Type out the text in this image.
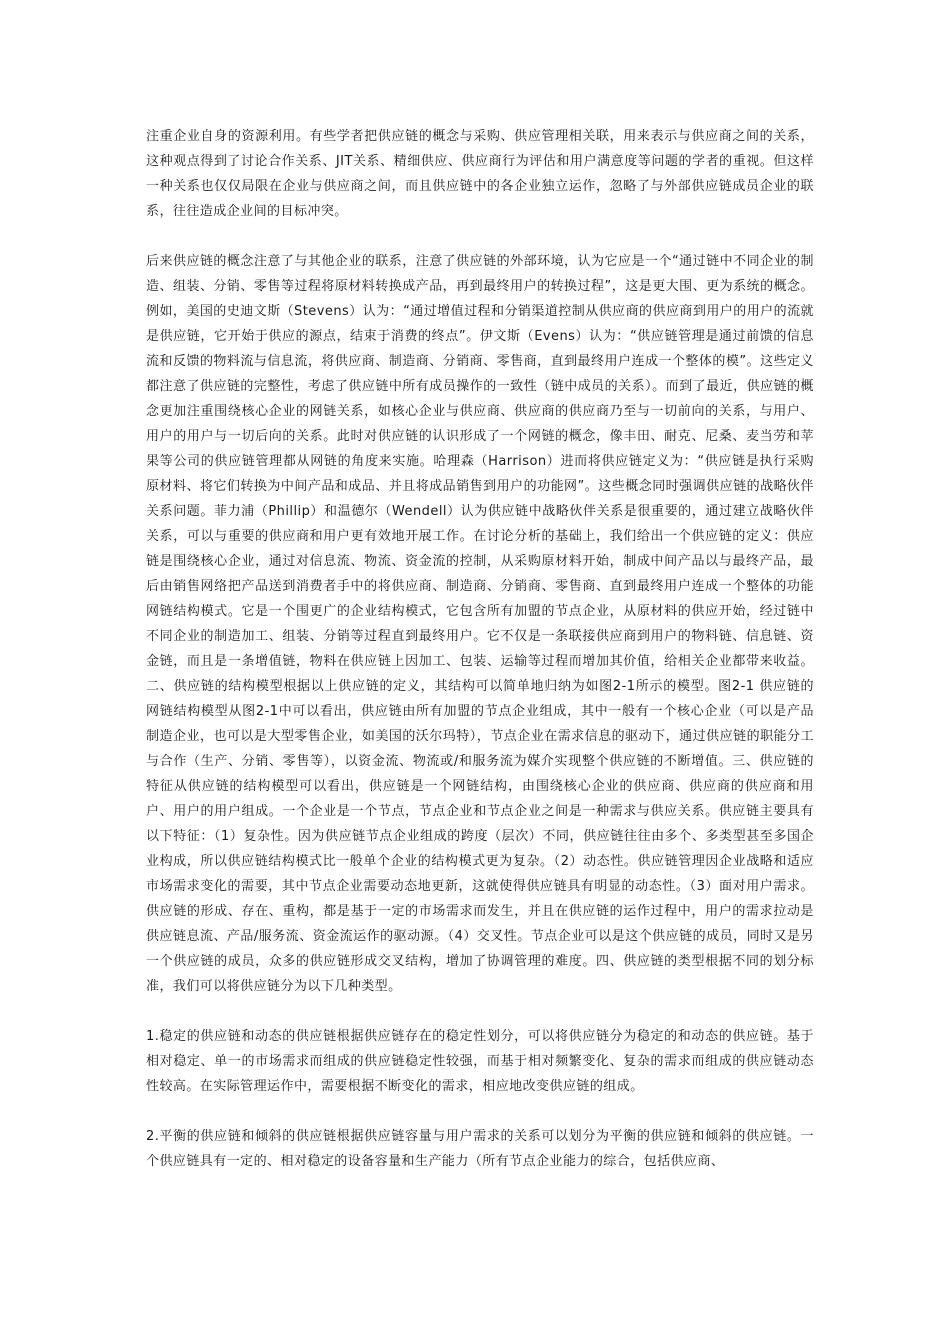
注重企业自身的资源利用。有些学者把供应链的概念与采购、供应管理相关联，用来表示与供应商之间的关系，这种观点得到了讨论合作关系、JIT关系、精细供应、供应商行为评估和用户满意度等问题的学者的重视。但这样一种关系也仅仅局限在企业与供应商之间，而且供应链中的各企业独立运作，忽略了与外部供应链成员企业的联系，往往造成企业间的目标冲突。

后来供应链的概念注意了与其他企业的联系，注意了供应链的外部环境，认为它应是一个“通过链中不同企业的制造、组装、分销、零售等过程将原材料转换成产品，再到最终用户的转换过程”，这是更大围、更为系统的概念。例如，美国的史迪文斯（Stevens）认为：“通过增值过程和分销渠道控制从供应商的供应商到用户的用户的流就是供应链，它开始于供应的源点，结束于消费的终点”。伊文斯（Evens）认为：“供应链管理是通过前馈的信息流和反馈的物料流与信息流，将供应商、制造商、分销商、零售商，直到最终用户连成一个整体的模”。这些定义都注意了供应链的完整性，考虑了供应链中所有成员操作的一致性（链中成员的关系）。而到了最近，供应链的概念更加注重围绕核心企业的网链关系，如核心企业与供应商、供应商的供应商乃至与一切前向的关系，与用户、用户的用户与一切后向的关系。此时对供应链的认识形成了一个网链的概念，像丰田、耐克、尼桑、麦当劳和苹果等公司的供应链管理都从网链的角度来实施。哈理森（Harrison）进而将供应链定义为：“供应链是执行采购原材料、将它们转换为中间产品和成品、并且将成品销售到用户的功能网”。这些概念同时强调供应链的战略伙伴关系问题。菲力浦（Phillip）和温德尔（Wendell）认为供应链中战略伙伴关系是很重要的，通过建立战略伙伴关系，可以与重要的供应商和用户更有效地开展工作。在讨论分析的基础上，我们给出一个供应链的定义：供应链是围绕核心企业，通过对信息流、物流、资金流的控制，从采购原材料开始，制成中间产品以与最终产品，最后由销售网络把产品送到消费者手中的将供应商、制造商、分销商、零售商、直到最终用户连成一个整体的功能网链结构模式。它是一个围更广的企业结构模式，它包含所有加盟的节点企业，从原材料的供应开始，经过链中不同企业的制造加工、组装、分销等过程直到最终用户。它不仅是一条联接供应商到用户的物料链、信息链、资金链，而且是一条增值链，物料在供应链上因加工、包装、运输等过程而增加其价值，给相关企业都带来收益。二、供应链的结构模型根据以上供应链的定义，其结构可以简单地归纳为如图2-1所示的模型。图2-1 供应链的网链结构模型从图2-1中可以看出，供应链由所有加盟的节点企业组成，其中一般有一个核心企业（可以是产品制造企业，也可以是大型零售企业，如美国的沃尔玛特），节点企业在需求信息的驱动下，通过供应链的职能分工与合作（生产、分销、零售等），以资金流、物流或/和服务流为媒介实现整个供应链的不断增值。三、供应链的特征从供应链的结构模型可以看出，供应链是一个网链结构，由围绕核心企业的供应商、供应商的供应商和用户、用户的用户组成。一个企业是一个节点，节点企业和节点企业之间是一种需求与供应关系。供应链主要具有以下特征：（1）复杂性。因为供应链节点企业组成的跨度（层次）不同，供应链往往由多个、多类型甚至多国企业构成，所以供应链结构模式比一般单个企业的结构模式更为复杂。（2）动态性。供应链管理因企业战略和适应市场需求变化的需要，其中节点企业需要动态地更新，这就使得供应链具有明显的动态性。（3）面对用户需求。供应链的形成、存在、重构，都是基于一定的市场需求而发生，并且在供应链的运作过程中，用户的需求拉动是供应链息流、产品/服务流、资金流运作的驱动源。（4）交叉性。节点企业可以是这个供应链的成员，同时又是另一个供应链的成员，众多的供应链形成交叉结构，增加了协调管理的难度。四、供应链的类型根据不同的划分标准，我们可以将供应链分为以下几种类型。

1.稳定的供应链和动态的供应链根据供应链存在的稳定性划分，可以将供应链分为稳定的和动态的供应链。基于相对稳定、单一的市场需求而组成的供应链稳定性较强，而基于相对频繁变化、复杂的需求而组成的供应链动态性较高。在实际管理运作中，需要根据不断变化的需求，相应地改变供应链的组成。

2.平衡的供应链和倾斜的供应链根据供应链容量与用户需求的关系可以划分为平衡的供应链和倾斜的供应链。一个供应链具有一定的、相对稳定的设备容量和生产能力（所有节点企业能力的综合，包括供应商、
